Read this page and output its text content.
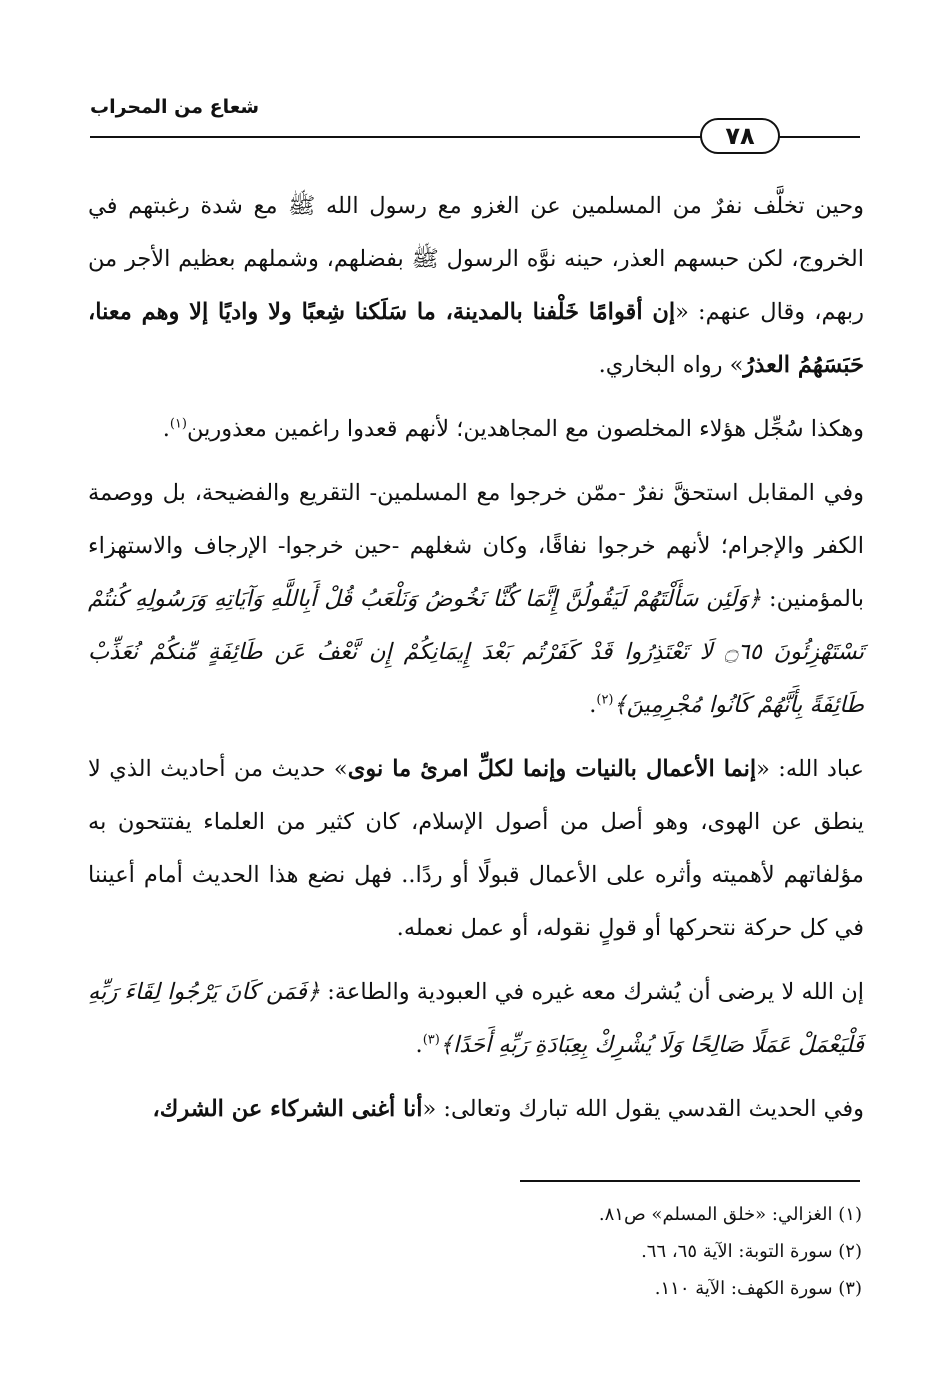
شعاع من المحراب
٧٨

وحين تخلَّف نفرٌ من المسلمين عن الغزو مع رسول الله ﷺ مع شدة رغبتهم في الخروج، لكن حبسهم العذر، حينه نوَّه الرسول ﷺ بفضلهم، وشملهم بعظيم الأجر من ربهم، وقال عنهم: «إن أقوامًا خَلْفنا بالمدينة، ما سَلَكنا شِعبًا ولا واديًا إلا وهم معنا، حَبَسَهُمُ العذرُ» رواه البخاري.

وهكذا سُجِّل هؤلاء المخلصون مع المجاهدين؛ لأنهم قعدوا راغمين معذورين$^{(١)}$.

وفي المقابل استحقَّ نفرٌ -ممّن خرجوا مع المسلمين- التقريع والفضيحة، بل ووصمة الكفر والإجرام؛ لأنهم خرجوا نفاقًا، وكان شغلهم -حين خرجوا- الإرجاف والاستهزاء بالمؤمنين: ﴿وَلَئِن سَأَلْتَهُمْ لَيَقُولُنَّ إِنَّمَا كُنَّا نَخُوضُ وَنَلْعَبُ قُلْ أَبِاللَّهِ وَآيَاتِهِ وَرَسُولِهِ كُنتُمْ تَسْتَهْزِئُونَ ۝٦٥ لَا تَعْتَذِرُوا قَدْ كَفَرْتُم بَعْدَ إِيمَانِكُمْ إِن نَّعْفُ عَن طَائِفَةٍ مِّنكُمْ نُعَذِّبْ طَائِفَةً بِأَنَّهُمْ كَانُوا مُجْرِمِينَ﴾$^{(٢)}$.

عباد الله: «إنما الأعمال بالنيات وإنما لكلِّ امرئ ما نوى» حديث من أحاديث الذي لا ينطق عن الهوى، وهو أصل من أصول الإسلام، كان كثير من العلماء يفتتحون به مؤلفاتهم لأهميته وأثره على الأعمال قبولًا أو ردًا.. فهل نضع هذا الحديث أمام أعيننا في كل حركة نتحركها أو قولٍ نقوله، أو عمل نعمله.

إن الله لا يرضى أن يُشرك معه غيره في العبودية والطاعة: ﴿فَمَن كَانَ يَرْجُوا لِقَاءَ رَبِّهِ فَلْيَعْمَلْ عَمَلًا صَالِحًا وَلَا يُشْرِكْ بِعِبَادَةِ رَبِّهِ أَحَدًا﴾$^{(٣)}$.

وفي الحديث القدسي يقول الله تبارك وتعالى: «أنا أغنى الشركاء عن الشرك،

(١) الغزالي: «خلق المسلم» ص٨١.
(٢) سورة التوبة: الآية ٦٥، ٦٦.
(٣) سورة الكهف: الآية ١١٠.
